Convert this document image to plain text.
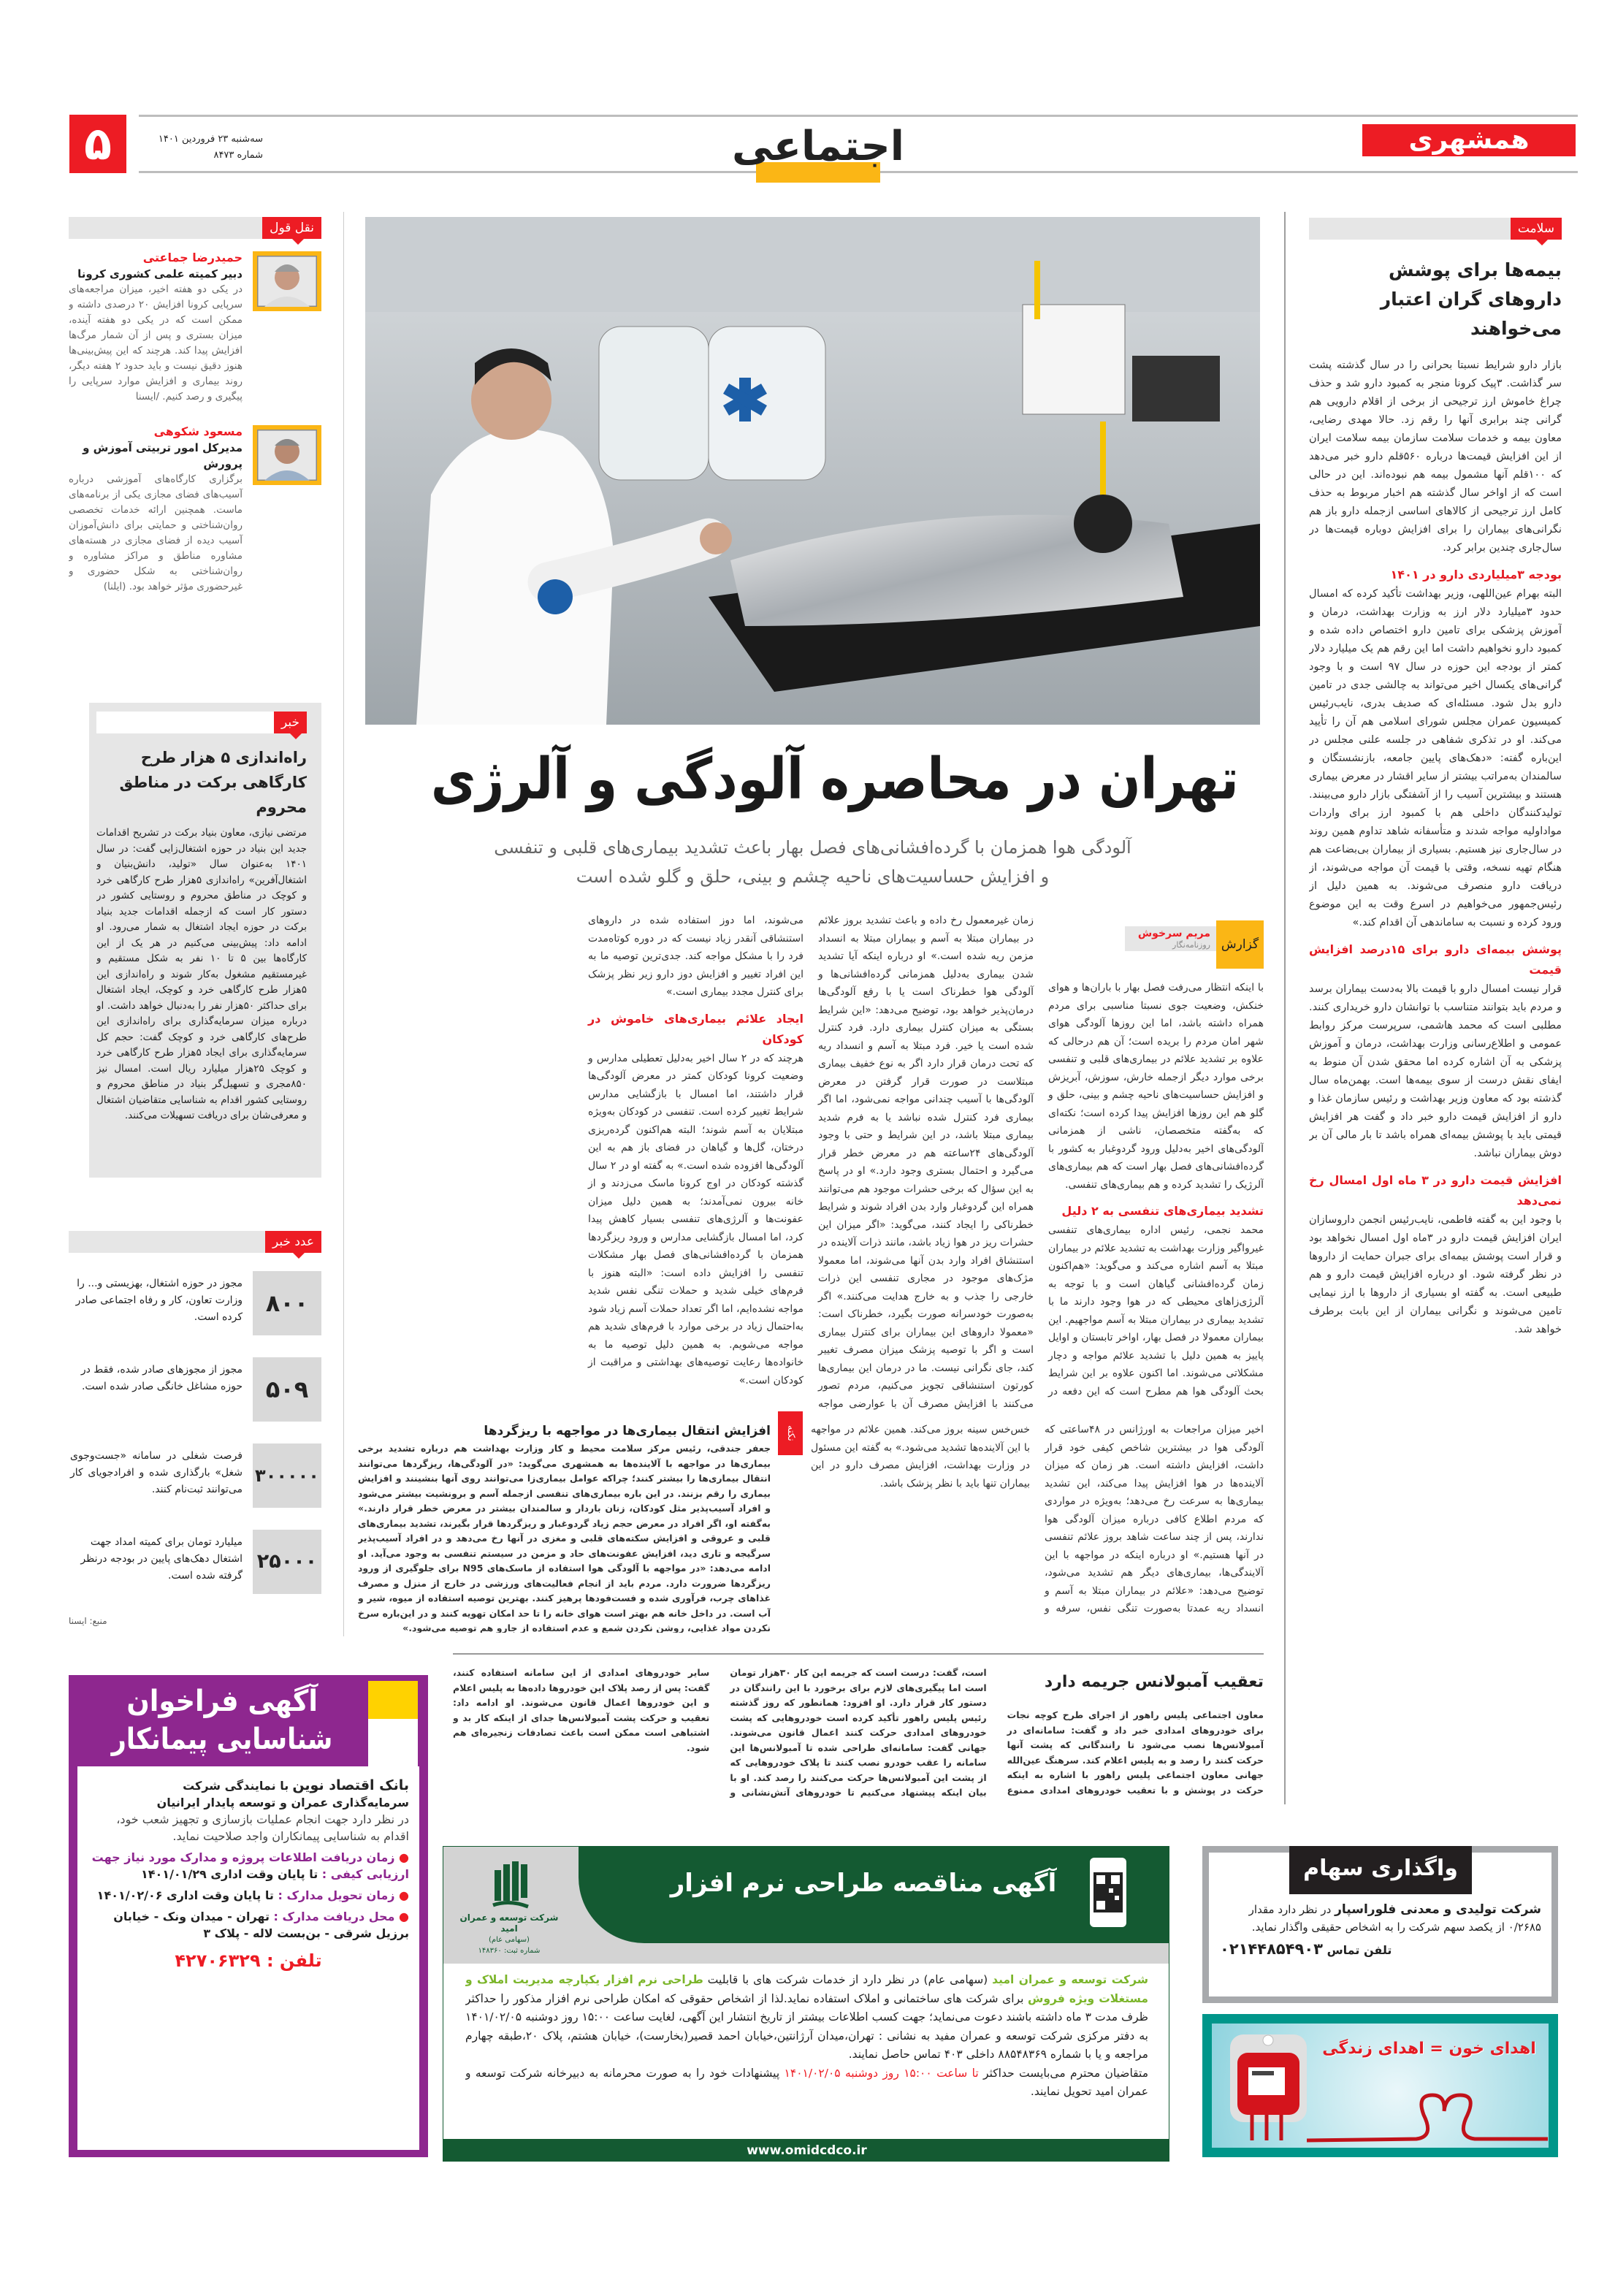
۵	سه‌شنبه ۲۳ فروردین ۱۴۰۱
شماره ۸۴۷۳	اجتماعی	همشهری
سلامت
بیمه‌ها برای پوشش داروهای گران اعتبار می‌خواهند

بازار دارو شرایط نسبتا بحرانی را در سال گذشته پشت سر گذاشت. ۳پیک کرونا منجر به کمبود دارو شد و حذف چراغ خاموش ارز ترجیحی از برخی از اقلام دارویی هم گرانی چند برابری آنها را رقم زد. حالا مهدی رضایی، معاون بیمه و خدمات سلامت سازمان بیمه سلامت ایران از این افزایش قیمت‌ها درباره ۵۶۰قلم دارو خبر می‌دهد که ۱۰۰قلم آنها مشمول بیمه هم نبوده‌اند. این در حالی است که از اواخر سال گذشته هم اخبار مربوط به حذف کامل ارز ترجیحی از کالاهای اساسی ازجمله دارو باز هم نگرانی‌های بیماران را برای افزایش دوباره قیمت‌ها در سال‌جاری چندین برابر کرد.

بودجه ۳میلیاردی دارو در ۱۴۰۱

البته بهرام عین‌اللهی، وزیر بهداشت تأکید کرده که امسال حدود ۳میلیارد دلار ارز به وزارت بهداشت، درمان و آموزش پزشکی برای تامین دارو اختصاص داده شده و کمبود دارو نخواهیم داشت اما این رقم هم یک میلیارد دلار کمتر از بودجه این حوزه در سال ۹۷ است و با وجود گرانی‌های یکسال اخیر می‌تواند به چالشی جدی در تامین دارو بدل شود. مسئله‌ای که صدیف بدری، نایب‌رئیس کمیسیون عمران مجلس شورای اسلامی هم آن را تأیید می‌کند. او در تذکری شفاهی در جلسه علنی مجلس در این‌باره گفته: «دهک‌های پایین جامعه، بازنشستگان و سالمندان به‌مراتب بیشتر از سایر اقشار در معرض بیماری هستند و بیشترین آسیب را از آشفتگی بازار دارو می‌بینند. تولیدکنندگان داخلی هم با کمبود ارز برای واردات مواداولیه مواجه شدند و متأسفانه شاهد تداوم همین روند در سال‌جاری نیز هستیم. بسیاری از بیماران بی‌بضاعت هم هنگام تهیه نسخه، وقتی با قیمت آن مواجه می‌شوند، از دریافت دارو منصرف می‌شوند. به همین دلیل از رئیس‌جمهور می‌خواهیم در اسرع وقت به این موضوع ورود کرده و نسبت به ساماندهی آن اقدام کند.»

پوشش بیمه‌ای دارو برای ۱۵درصد افزایش قیمت

قرار نیست امسال دارو با قیمت بالا به‌دست بیماران برسد و مردم باید بتوانند متناسب با توانشان دارو خریداری کنند. مطلبی است که محمد هاشمی، سرپرست مرکز روابط عمومی و اطلاع‌رسانی وزارت بهداشت، درمان و آموزش پزشکی به آن اشاره کرده اما محقق شدن آن منوط به ایفای نقش درست از سوی بیمه‌ها است. بهمن‌ماه سال گذشته بود که معاون وزیر بهداشت و رئیس سازمان غذا و دارو از افزایش قیمت دارو خبر داد و گفت هر افزایش قیمتی باید با پوشش بیمه‌ای همراه باشد تا بار مالی آن بر دوش بیماران نباشد.

افزایش قیمت دارو در ۳ ماه اول امسال رخ نمی‌دهد

با وجود این به گفته فاطمی، نایب‌رئیس انجمن داروسازان ایران افزایش قیمت دارو در ۳ماه اول امسال نخواهد بود و قرار است پوشش بیمه‌ای برای جبران حمایت از داروها در نظر گرفته شود. او درباره افزایش قیمت دارو و هم طبیعی است. به گفته او بسیاری از داروها با ارز نیمایی تامین می‌شوند و نگرانی بیماران از این بابت برطرف خواهد شد.

نقل قول
حمیدرضا جماعتی
دبیر کمیته علمی کشوری کرونا
در یکی دو هفته اخیر، میزان مراجعه‌های سرپایی کرونا افزایش ۲۰ درصدی داشته و ممکن است که در یکی دو هفته آینده، میزان بستری و پس از آن شمار مرگ‌ها افزایش پیدا کند. هرچند که این پیش‌بینی‌ها هنوز دقیق نیست و باید حدود ۲ هفته دیگر، روند بیماری و افزایش موارد سرپایی را پیگیری و رصد کنیم. /ایسنا
مسعود شکوهی
مدیرکل امور تربیتی آموزش و پرورش
برگزاری کارگاه‌های آموزشی درباره آسیب‌های فضای مجازی یکی از برنامه‌های ماست. همچنین ارائه خدمات تخصصی روان‌شناختی و حمایتی برای دانش‌آموزان آسیب دیده از فضای مجازی در هسته‌های مشاوره مناطق و مراکز مشاوره و روان‌شناختی به شکل حضوری و غیرحضوری مؤثر خواهد بود. (ایلنا)
خبر
راه‌اندازی ۵ هزار طرح کارگاهی برکت در مناطق محروم
مرتضی نیازی، معاون بنیاد برکت در تشریح اقدامات جدید این بنیاد در حوزه اشتغال‌زایی گفت: در سال ۱۴۰۱ به‌عنوان سال «تولید، دانش‌بنیان و اشتغال‌آفرین» راه‌اندازی ۵هزار طرح کارگاهی خرد و کوچک در مناطق محروم و روستایی کشور در دستور کار است که ازجمله اقدامات جدید بنیاد برکت در حوزه ایجاد اشتغال به شمار می‌رود. او ادامه داد: پیش‌بینی می‌کنیم در هر یک از این کارگاه‌ها بین ۵ تا ۱۰ نفر به شکل مستقیم و غیرمستقیم مشغول به‌کار شوند و راه‌اندازی این ۵هزار طرح کارگاهی خرد و کوچک، ایجاد اشتغال برای حداکثر ۵۰هزار نفر را به‌دنبال خواهد داشت. او درباره میزان سرمایه‌گذاری برای راه‌اندازی این طرح‌های کارگاهی خرد و کوچک گفت: حجم کل سرمایه‌گذاری برای ایجاد ۵هزار طرح کارگاهی خرد و کوچک ۲۵هزار میلیارد ریال است. امسال نیز ۸۵۰مجری و تسهیل‌گر بنیاد در مناطق محروم و روستایی کشور اقدام به شناسایی متقاضیان اشتغال و معرفی‌شان برای دریافت تسهیلات می‌کنند.
عدد خبر
۸۰۰
مجوز در حوزه اشتغال، بهزیستی و... را وزارت تعاون، کار و رفاه اجتماعی صادر کرده است.
۵۰۹
مجوز از مجوزهای صادر شده، فقط در حوزه مشاغل خانگی صادر شده است.
۳۰۰۰۰۰
فرصت شغلی در سامانه «جست‌وجوی شغل» بارگذاری شده و افرادجویای کار می‌توانند ثبت‌نام کنند.
۲۵۰۰۰
میلیارد تومان برای کمیته امداد جهت اشتغال دهک‌های پایین در بودجه درنظر گرفته شده است.
منبع: ایسنا
تهران در محاصره آلودگی و آلرژی
آلودگی هوا همزمان با گرده‌افشانی‌های فصل بهار باعث تشدید بیماری‌های قلبی و تنفسی
و افزایش حساسیت‌های ناحیه چشم و بینی، حلق و گلو شده است
مریم سرخوش
روزنامه‌نگار گزارش

با اینکه انتظار می‌رفت فصل بهار با باران‌ها و هوای خنکش، وضعیت جوی نسبتا مناسبی برای مردم همراه داشته باشد، اما این روزها آلودگی هوای شهر امان مردم را بریده است؛ آن هم درحالی که علاوه بر تشدید علائم در بیماری‌های قلبی و تنفسی برخی موارد دیگر ازجمله خارش، سوزش، آبریزش و افزایش حساسیت‌های ناحیه چشم و بینی، حلق و گلو هم این روزها افزایش پیدا کرده است؛ نکته‌ای که به‌گفته متخصصان، ناشی از همزمانی آلودگی‌های اخیر به‌دلیل ورود گردوغبار به کشور با گرده‌افشانی‌های فصل بهار است که هم بیماری‌های آلرژیک را تشدید کرده و هم بیماری‌های تنفسی.

تشدید بیماری‌های تنفسی به ۲ دلیل

محمد نجمی، رئیس اداره بیماری‌های تنفسی غیرواگیر وزارت بهداشت به تشدید علائم در بیماران مبتلا به آسم اشاره می‌کند و می‌گوید: «هم‌اکنون زمان گرده‌افشانی گیاهان است و با توجه به آلرژی‌زاهای محیطی که در هوا وجود دارند ما با تشدید بیماری در بیماران مبتلا به آسم مواجهیم. این بیماران معمولا در فصل بهار، اواخر تابستان و اوایل پاییز به همین دلیل با تشدید علائم مواجه و دچار مشکلاتی می‌شوند. اما اکنون علاوه بر این شرایط بحث آلودگی هوا هم مطرح است که این دفعه در زمان غیرمعمول رخ داده و باعث تشدید بروز علائم در بیماران مبتلا به آسم و بیماران مبتلا به انسداد مزمن ریه شده است.» او درباره اینکه آیا تشدید شدن بیماری به‌دلیل همزمانی گرده‌افشانی‌ها و آلودگی هوا خطرناک است یا با رفع آلودگی‌ها درمان‌پذیر خواهد بود، توضیح می‌دهد: «این شرایط بستگی به میزان کنترل بیماری دارد. فرد کنترل شده است یا خیر. فرد مبتلا به آسم و انسداد ریه که تحت درمان قرار دارد اگر به نوع خفیف بیماری مبتلاست در صورت قرار گرفتن در معرض آلودگی‌ها با آسیب چندانی مواجه نمی‌شود، اما اگر بیماری فرد کنترل شده نباشد یا به فرم شدید بیماری مبتلا باشد، در این شرایط و حتی با وجود آلودگی‌های ۲۴ساعته هم در معرض خطر قرار می‌گیرد و احتمال بستری وجود دارد.» او در پاسخ به این سؤال که برخی حشرات موجود هم می‌توانند همراه این گردوغبار وارد بدن افراد شوند و شرایط خطرناکی را ایجاد کنند، می‌گوید: «اگر میزان این حشرات ریز در هوا زیاد باشد، مانند ذرات آلاینده در استنشاق افراد وارد بدن آنها می‌شوند، اما معمولا مژک‌های موجود در مجاری تنفسی این ذرات خارجی را جذب و به خارج هدایت می‌کنند.» اگر به‌صورت خودسرانه صورت بگیرد، خطرناک است: «معمولا داروهای این بیماران برای کنترل بیماری است و اگر با توصیه پزشک میزان مصرف تغییر کند، جای نگرانی نیست. ما در درمان این بیماری‌ها کورتون استنشاقی تجویز می‌کنیم، مردم تصور می‌کنند با افزایش مصرف آن با عوارضی مواجه می‌شوند، اما دوز استفاده شده در داروهای استنشاقی آنقدر زیاد نیست که در دوره کوتاه‌مدت فرد را با مشکل مواجه کند. جدی‌ترین توصیه ما به این افراد تغییر و افزایش دوز دارو زیر نظر پزشک برای کنترل مجدد بیماری است.»

ایجاد علائم بیماری‌های خاموش در کودکان

هرچند که در ۲ سال اخیر به‌دلیل تعطیلی مدارس و وضعیت کرونا کودکان کمتر در معرض آلودگی‌ها قرار داشتند، اما امسال با بازگشایی مدارس شرایط تغییر کرده است. تنفسی در کودکان به‌ویژه مبتلایان به آسم شوند؛ البته هم‌اکنون گرده‌ریزی درختان، گل‌ها و گیاهان در فضای باز هم به این آلودگی‌ها افزوده شده است.» به گفته او در ۲ سال گذشته کودکان در اوج کرونا ماسک می‌زدند و از خانه بیرون نمی‌آمدند؛ به همین دلیل میزان عفونت‌ها و آلرژی‌های تنفسی بسیار کاهش پیدا کرد، اما امسال بازگشایی مدارس و ورود ریزگردها همزمان با گرده‌افشانی‌های فصل بهار مشکلات تنفسی را افزایش داده است: «البته هنوز با فرم‌های خیلی شدید و حملات تنگی نفس شدید مواجه نشده‌ایم، اما اگر تعداد حملات آسم زیاد شود به‌احتمال زیاد در برخی موارد با فرم‌های شدید هم مواجه می‌شویم. به همین دلیل توصیه ما به خانواده‌ها رعایت توصیه‌های بهداشتی و مراقبت از کودکان است.»

اخیر میزان مراجعات به اورژانس در ۴۸ساعتی که آلودگی هوا در بیشترین شاخص کیفی خود قرار داشت، افزایش داشته است. هر زمان که میزان آلاینده‌ها در هوا افزایش پیدا می‌کند، این تشدید بیماری‌ها به سرعت رخ می‌دهد؛ به‌ویژه در مواردی که مردم اطلاع کافی درباره میزان آلودگی هوا ندارند، پس از چند ساعت شاهد بروز علائم تنفسی در آنها هستیم.» او درباره اینکه در مواجهه با این آلایندگی‌ها، بیماری‌های دیگر هم تشدید می‌شود، توضیح می‌دهد: «علائم در بیماران مبتلا به آسم و انسداد ریه عمدتا به‌صورت تنگی نفس، سرفه و خس‌خس سینه بروز می‌کند. همین علائم در مواجهه با این آلاینده‌ها تشدید می‌شود.» به گفته این مسئول در وزارت بهداشت، افزایش مصرف دارو در این بیماران تنها باید با نظر پزشک باشد.

نکته
افزایش انتقال بیماری‌ها در مواجهه با ریزگردها
جعفر جندقی، رئیس مرکز سلامت محیط و کار وزارت بهداشت هم درباره تشدید برخی بیماری‌ها در مواجهه با آلاینده‌ها به همشهری می‌گوید: «در آلودگی‌ها، ریزگردها می‌توانند انتقال بیماری‌ها را بیشتر کنند؛ چراکه عوامل بیماری‌زا می‌توانند روی آنها بنشینند و افزایش بیماری را رقم بزنند. در این باره بیماری‌های تنفسی ازجمله آسم و برونشیت بیشتر می‌شود و افراد آسیب‌پذیر مثل کودکان، زنان باردار و سالمندان بیشتر در معرض خطر قرار دارند.» به‌گفته او، اگر افراد در معرض حجم زیاد گردوغبار و ریزگردها قرار بگیرند، تشدید بیماری‌های قلبی و عروقی و افزایش سکته‌های قلبی و مغزی در آنها رخ می‌دهد و در افراد آسیب‌پذیر سرگیجه و تاری دید، افزایش عفونت‌های حاد و مزمن در سیستم تنفسی به وجود می‌آید. او ادامه می‌دهد: «در مواجهه با آلودگی هوا استفاده از ماسک‌های N95 برای جلوگیری از ورود ریزگردها ضرورت دارد. مردم باید از انجام فعالیت‌های ورزشی در خارج از منزل و مصرف غذاهای چرب، فرآوری شده و فست‌فودها پرهیز کنند. بهترین توصیه استفاده از میوه، شیر و آب است. در داخل خانه هم بهتر است هوای خانه را تا حد امکان تهویه کنند و در این‌باره سرخ نکردن مواد غذایی، روشن نکردن شمع و عدم استفاده از جارو هم توصیه می‌شود.»
تعقیب آمبولانس جریمه دارد

معاون اجتماعی پلیس راهور از اجرای طرح کوچه نجات برای خودروهای امدادی خبر داد و گفت: سامانه‌ای در آمبولانس‌ها نصب می‌شود تا رانندگانی که پشت آنها حرکت کنند را رصد و به پلیس اعلام کند. سرهنگ عین‌الله جهانی معاون اجتماعی پلیس راهور با اشاره به اینکه حرکت در پوشش و با تعقیب خودروهای امدادی ممنوع است، گفت: درست است که جریمه این کار ۳۰هزار تومان است اما پیگیری‌های لازم برای برخورد با این رانندگان در دستور کار قرار دارد. او افزود: همانطور که روز گذشته رئیس پلیس راهور تأکید کرده است خودروهایی که پشت خودروهای امدادی حرکت کنند اعمال قانون می‌شوند. جهانی گفت: سامانه‌ای طراحی شده تا آمبولانس‌ها این سامانه را عقب خودرو نصب کنند تا پلاک خودروهایی که از پشت این آمبولانس‌ها حرکت می‌کنند را رصد کند. او با بیان اینکه پیشنهاد می‌کنیم تا خودروهای آتش‌نشانی و سایر خودروهای امدادی از این سامانه استفاده کنند، گفت: پس از رصد پلاک این خودروها داده‌ها به پلیس اعلام و این خودروها اعمال قانون می‌شوند. او ادامه داد: تعقیب و حرکت پشت آمبولانس‌ها جدای از اینکه کار بد و اشتباهی است ممکن است باعث تصادفات زنجیره‌ای هم شود.

آگهی فراخوان
شناسایی پیمانکار

بانک اقتصاد نوین با نمایندگی شرکت

سرمایه‌گذاری عمران و توسعه پایدار ایرانیان

در نظر دارد جهت انجام عملیات بازسازی و تجهیز شعب خود، اقدام به شناسایی پیمانکاران واجد صلاحیت نماید.

● زمان دریافت اطلاعات پروژه و مدارک مورد نیاز جهت ارزیابی کیفی : تا پایان وقت اداری ۱۴۰۱/۰۱/۲۹

● زمان تحویل مدارک : تا پایان وقت اداری ۱۴۰۱/۰۲/۰۶

● محل دریافت مدارک : تهران - میدان ونک - خیابان برزیل شرقی - بن‌بست لاله - پلاک ۳

تلفن : ۴۲۷۰۶۳۲۹

آگهی مناقصه طراحی نرم افزار
شرکت توسعه و عمران امید
(سهامی عام)
شماره ثبت: ۱۴۸۳۶۰

شرکت توسعه و عمران امید (سهامی عام) در نظر دارد از خدمات شرکت های با قابلیت طراحی نرم افزار یکپارچه مدیریت املاک و مستغلات ویژه فروش برای شرکت های ساختمانی و املاک استفاده نماید.لذا از اشخاص حقوقی که امکان طراحی نرم افزار مذکور را حداکثر ظرف مدت ۳ ماه داشته باشند دعوت می‌نماید؛ جهت کسب اطلاعات بیشتر از تاریخ انتشار این آگهی، لغایت ساعت ۱۵:۰۰ روز دوشنبه ۱۴۰۱/۰۲/۰۵ به دفتر مرکزی شرکت توسعه و عمران مفید به نشانی : تهران،میدان آرژانتین،خیابان احمد قصیر(بخارست)، خیابان هشتم، پلاک ۲۰،طبقه چهارم مراجعه و یا با شماره ۸۸۵۴۸۳۶۹ داخلی ۴۰۳ تماس حاصل نمایند.

متقاضیان محترم می‌بایست حداکثر تا ساعت ۱۵:۰۰ روز دوشنبه ۱۴۰۱/۰۲/۰۵ پیشنهادات خود را به صورت محرمانه به دبیرخانه شرکت توسعه و عمران امید تحویل نمایند.

www.omidcdco.ir
واگذاری سهام
شرکت تولیدی و معدنی فلوراسپار در نظر دارد مقدار ۰/۲۶۸۵ از یکصد سهم شرکت را به اشخاص حقیقی واگذار نماید.
تلفن تماس ۰۲۱۴۴۸۵۴۹۰۳
اهدای خون = اهدای زندگی
